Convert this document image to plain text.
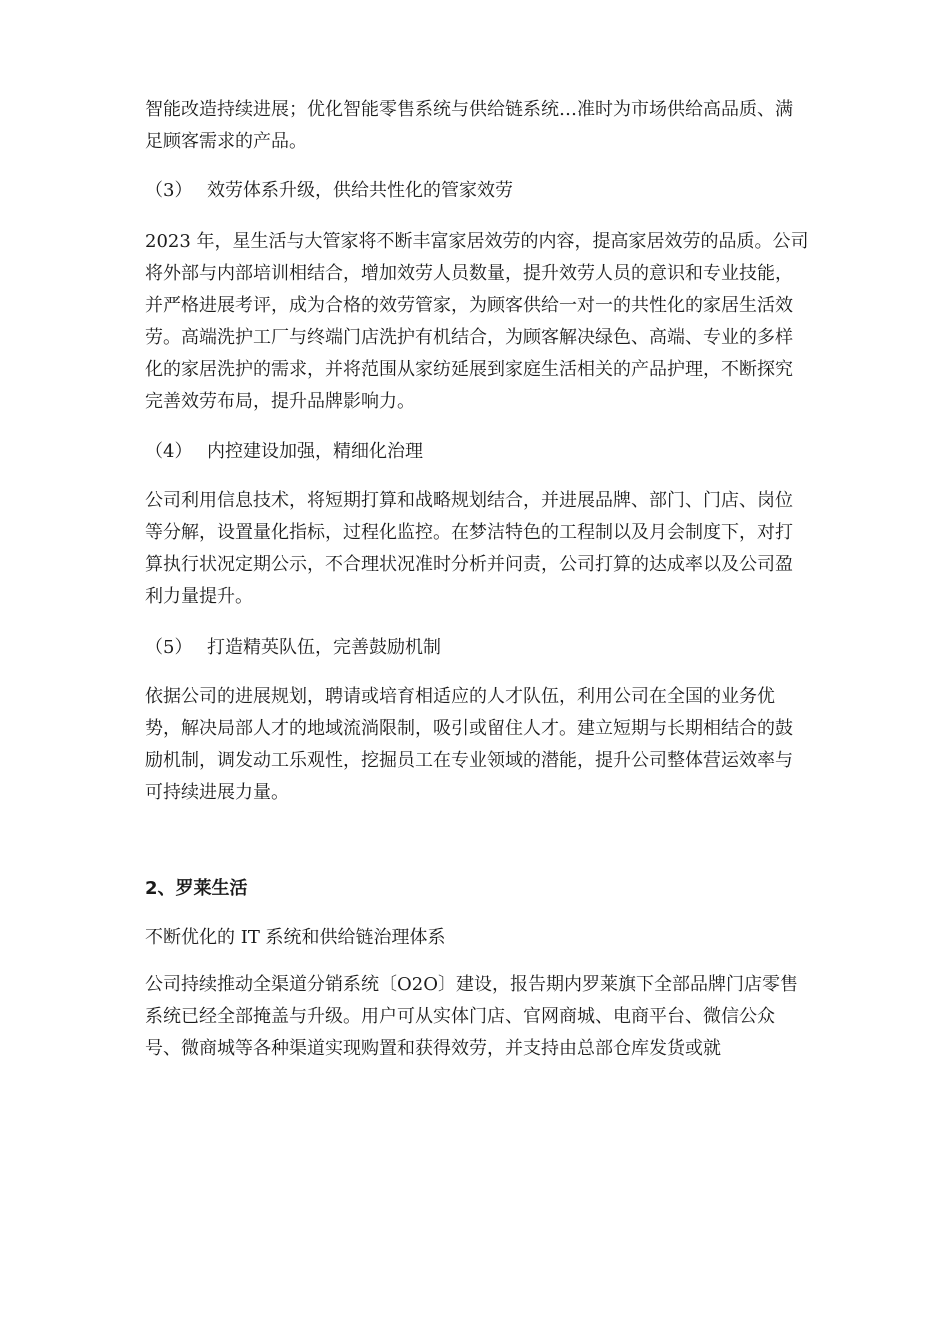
智能改造持续进展；优化智能零售系统与供给链系统…准时为市场供给高品质、满足顾客需求的产品。

（3） 效劳体系升级，供给共性化的管家效劳

2023 年，星生活与大管家将不断丰富家居效劳的内容，提高家居效劳的品质。公司将外部与内部培训相结合，增加效劳人员数量，提升效劳人员的意识和专业技能，并严格进展考评，成为合格的效劳管家，为顾客供给一对一的共性化的家居生活效劳。高端洗护工厂与终端门店洗护有机结合，为顾客解决绿色、高端、专业的多样化的家居洗护的需求，并将范围从家纺延展到家庭生活相关的产品护理，不断探究完善效劳布局，提升品牌影响力。

（4） 内控建设加强，精细化治理

公司利用信息技术，将短期打算和战略规划结合，并进展品牌、部门、门店、岗位等分解，设置量化指标，过程化监控。在梦洁特色的工程制以及月会制度下，对打算执行状况定期公示，不合理状况准时分析并问责，公司打算的达成率以及公司盈利力量提升。

（5） 打造精英队伍，完善鼓励机制

依据公司的进展规划，聘请或培育相适应的人才队伍，利用公司在全国的业务优势，解决局部人才的地域流淌限制，吸引或留住人才。建立短期与长期相结合的鼓励机制，调发动工乐观性，挖掘员工在专业领域的潜能，提升公司整体营运效率与可持续进展力量。

2、罗莱生活

不断优化的 IT 系统和供给链治理体系

公司持续推动全渠道分销系统〔O2O〕建设，报告期内罗莱旗下全部品牌门店零售系统已经全部掩盖与升级。用户可从实体门店、官网商城、电商平台、微信公众号、微商城等各种渠道实现购置和获得效劳，并支持由总部仓库发货或就
